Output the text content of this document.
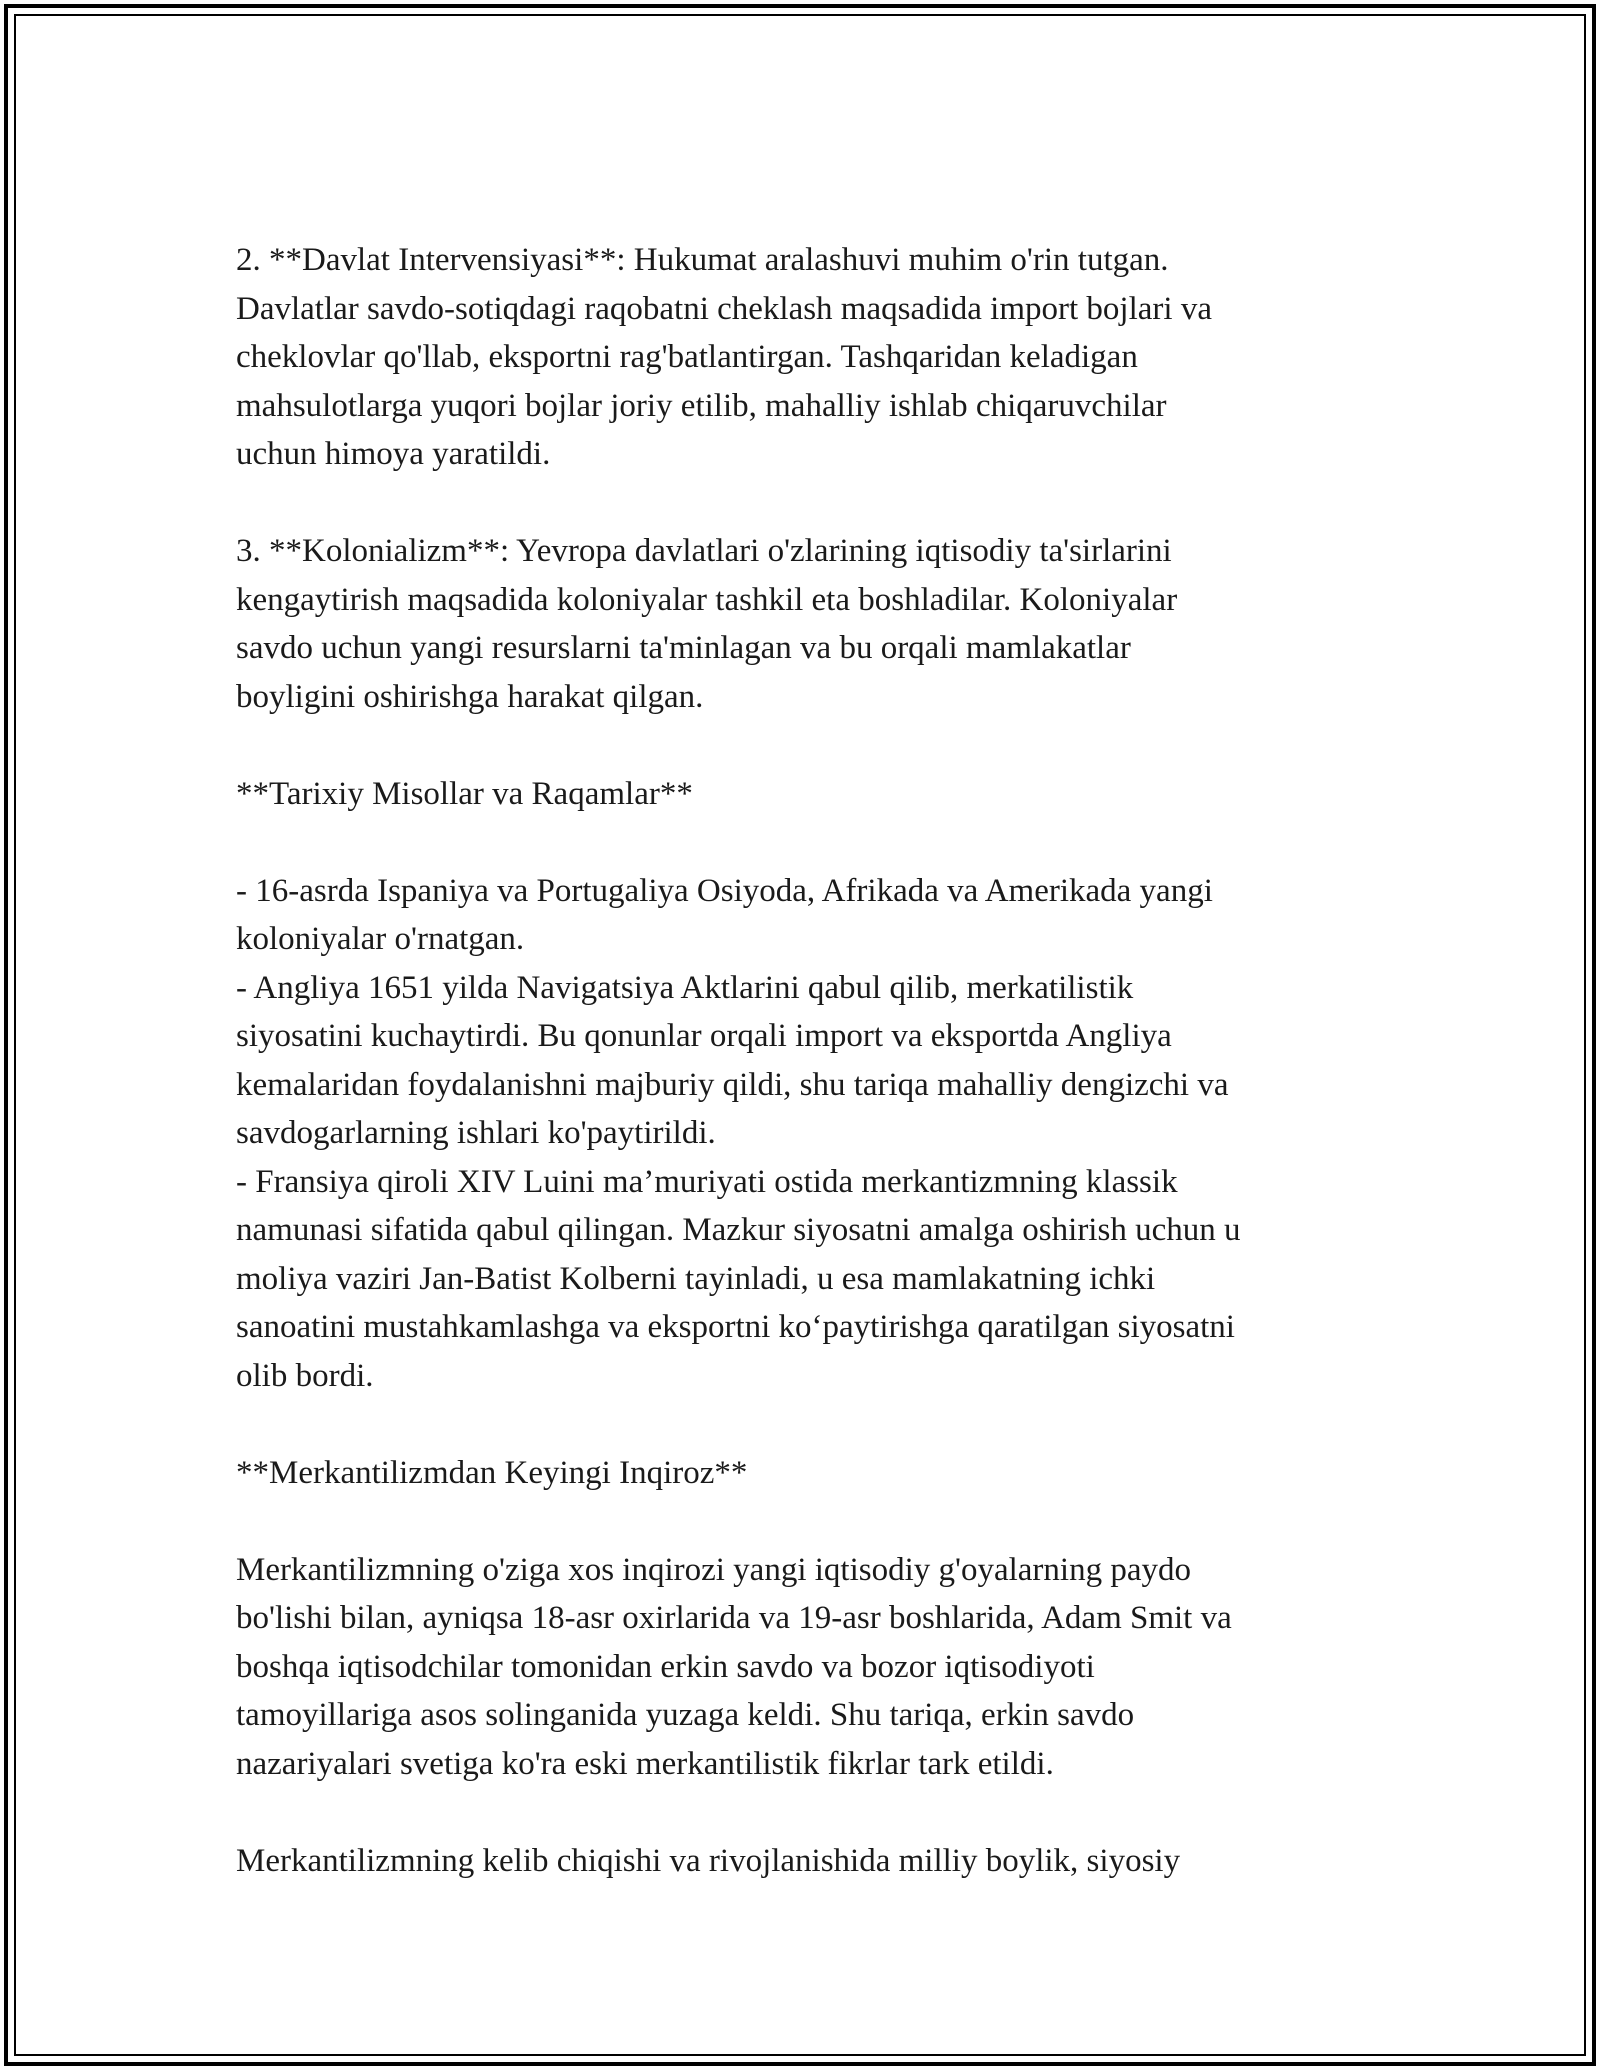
2. **Davlat Intervensiyasi**: Hukumat aralashuvi muhim o'rin tutgan.
Davlatlar savdo-sotiqdagi raqobatni cheklash maqsadida import bojlari va
cheklovlar qo'llab, eksportni rag'batlantirgan. Tashqaridan keladigan
mahsulotlarga yuqori bojlar joriy etilib, mahalliy ishlab chiqaruvchilar
uchun himoya yaratildi.

3. **Kolonializm**: Yevropa davlatlari o'zlarining iqtisodiy ta'sirlarini
kengaytirish maqsadida koloniyalar tashkil eta boshladilar. Koloniyalar
savdo uchun yangi resurslarni ta'minlagan va bu orqali mamlakatlar
boyligini oshirishga harakat qilgan.

**Tarixiy Misollar va Raqamlar**

- 16-asrda Ispaniya va Portugaliya Osiyoda, Afrikada va Amerikada yangi
koloniyalar o'rnatgan.

- Angliya 1651 yilda Navigatsiya Aktlarini qabul qilib, merkatilistik
siyosatini kuchaytirdi. Bu qonunlar orqali import va eksportda Angliya
kemalaridan foydalanishni majburiy qildi, shu tariqa mahalliy dengizchi va
savdogarlarning ishlari ko'paytirildi.

- Fransiya qiroli XIV Luini ma’muriyati ostida merkantizmning klassik
namunasi sifatida qabul qilingan. Mazkur siyosatni amalga oshirish uchun u
moliya vaziri Jan-Batist Kolberni tayinladi, u esa mamlakatning ichki
sanoatini mustahkamlashga va eksportni ko‘paytirishga qaratilgan siyosatni
olib bordi.

**Merkantilizmdan Keyingi Inqiroz**

Merkantilizmning o'ziga xos inqirozi yangi iqtisodiy g'oyalarning paydo
bo'lishi bilan, ayniqsa 18-asr oxirlarida va 19-asr boshlarida, Adam Smit va
boshqa iqtisodchilar tomonidan erkin savdo va bozor iqtisodiyoti
tamoyillariga asos solinganida yuzaga keldi. Shu tariqa, erkin savdo
nazariyalari svetiga ko'ra eski merkantilistik fikrlar tark etildi.

Merkantilizmning kelib chiqishi va rivojlanishida milliy boylik, siyosiy
